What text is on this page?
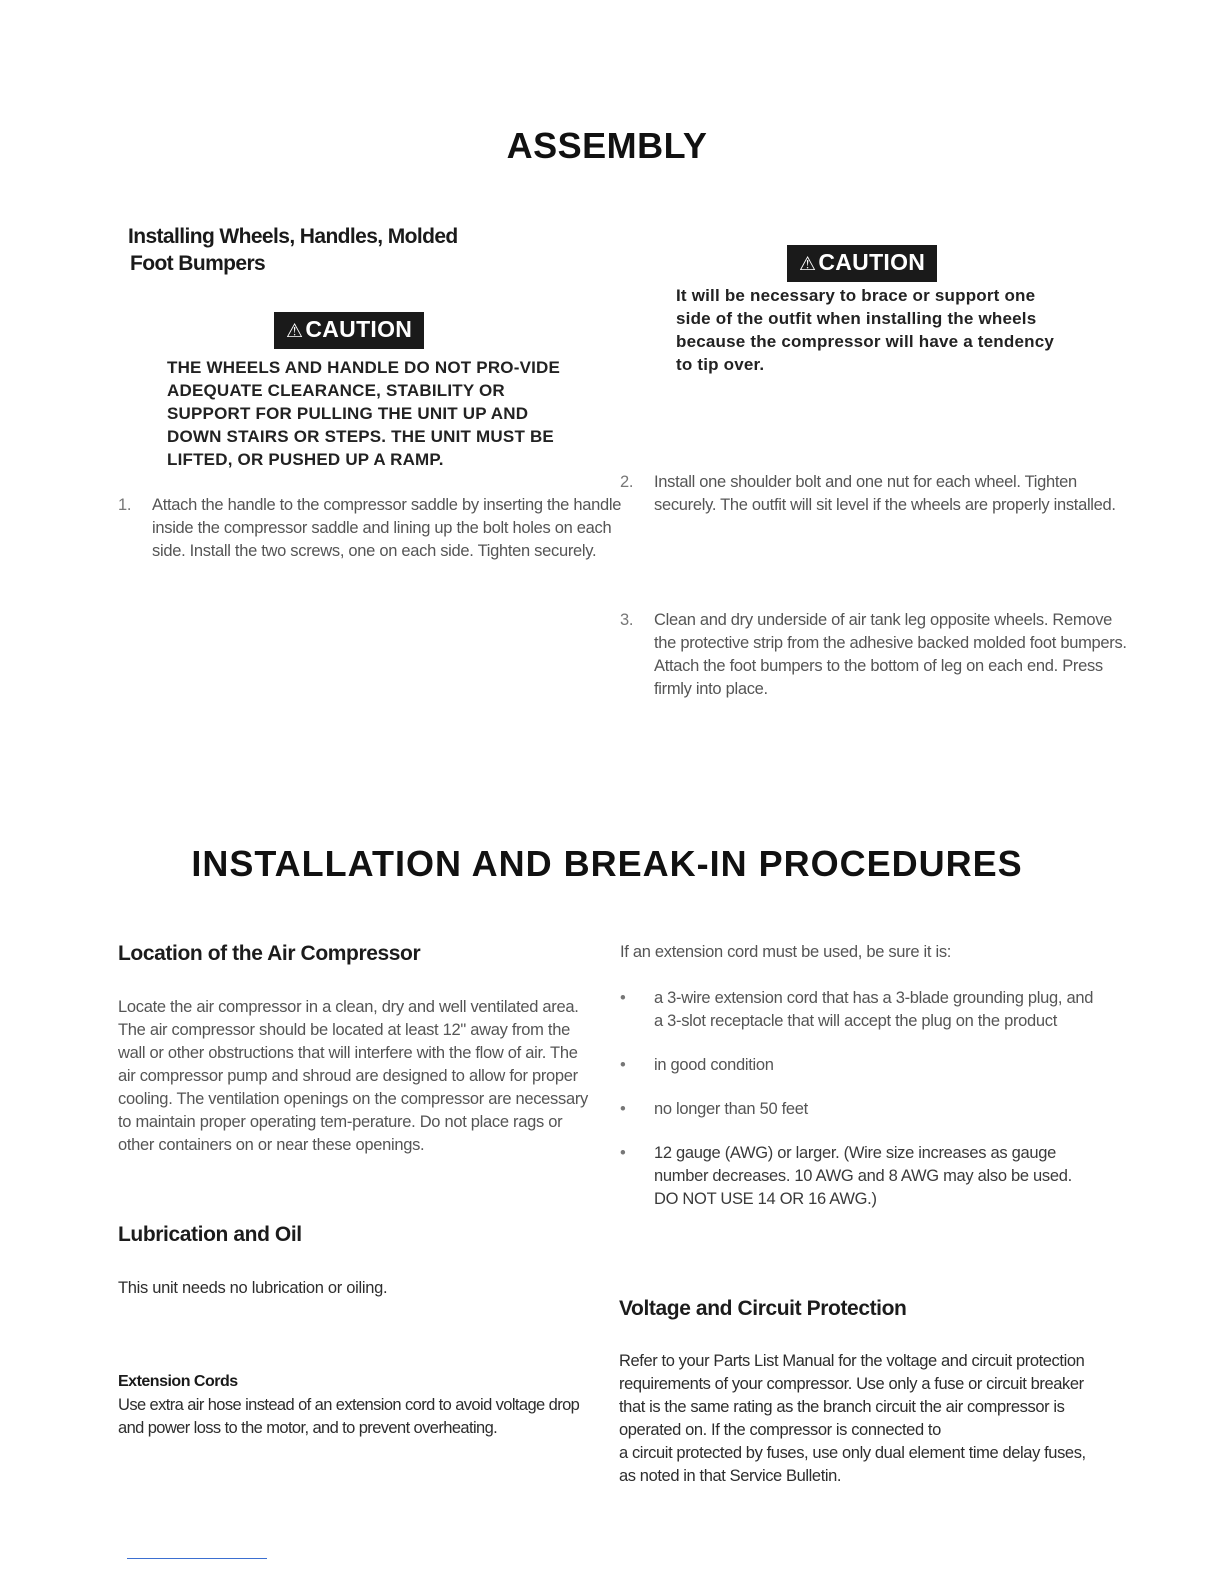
ASSEMBLY
Installing Wheels, Handles, Molded
Foot Bumpers
⚠CAUTION
THE WHEELS AND HANDLE DO NOT PRO-VIDE ADEQUATE CLEARANCE, STABILITY OR SUPPORT FOR PULLING THE UNIT UP AND DOWN STAIRS OR STEPS. THE UNIT MUST BE LIFTED, OR PUSHED UP A RAMP.
⚠CAUTION
It will be necessary to brace or support one side of the outfit when installing the wheels because the compressor will have a tendency to tip over.
1. Attach the handle to the compressor saddle by inserting the handle inside the compressor saddle and lining up the bolt holes on each side. Install the two screws, one on each side. Tighten securely.
2. Install one shoulder bolt and one nut for each wheel. Tighten securely. The outfit will sit level if the wheels are properly installed.
3. Clean and dry underside of air tank leg opposite wheels. Remove the protective strip from the adhesive backed molded foot bumpers. Attach the foot bumpers to the bottom of leg on each end. Press firmly into place.
INSTALLATION AND BREAK-IN PROCEDURES
Location of the Air Compressor
Locate the air compressor in a clean, dry and well ventilated area. The air compressor should be located at least 12" away from the wall or other obstructions that will interfere with the flow of air. The air compressor pump and shroud are designed to allow for proper cooling. The ventilation openings on the compressor are necessary to maintain proper operating tem-perature. Do not place rags or other containers on or near these openings.
Lubrication and Oil
This unit needs no lubrication or oiling.
Extension Cords
Use extra air hose instead of an extension cord to avoid voltage drop and power loss to the motor, and to prevent overheating.
If an extension cord must be used, be sure it is:
• a 3-wire extension cord that has a 3-blade grounding plug, and a 3-slot receptacle that will accept the plug on the product
• in good condition
• no longer than 50 feet
• 12 gauge (AWG) or larger. (Wire size increases as gauge number decreases. 10 AWG and 8 AWG may also be used. DO NOT USE 14 OR 16 AWG.)
Voltage and Circuit Protection
Refer to your Parts List Manual for the voltage and circuit protection requirements of your compressor. Use only a fuse or circuit breaker that is the same rating as the branch circuit the air compressor is operated on. If the compressor is connected to
a circuit protected by fuses, use only dual element time delay fuses, as noted in that Service Bulletin.
